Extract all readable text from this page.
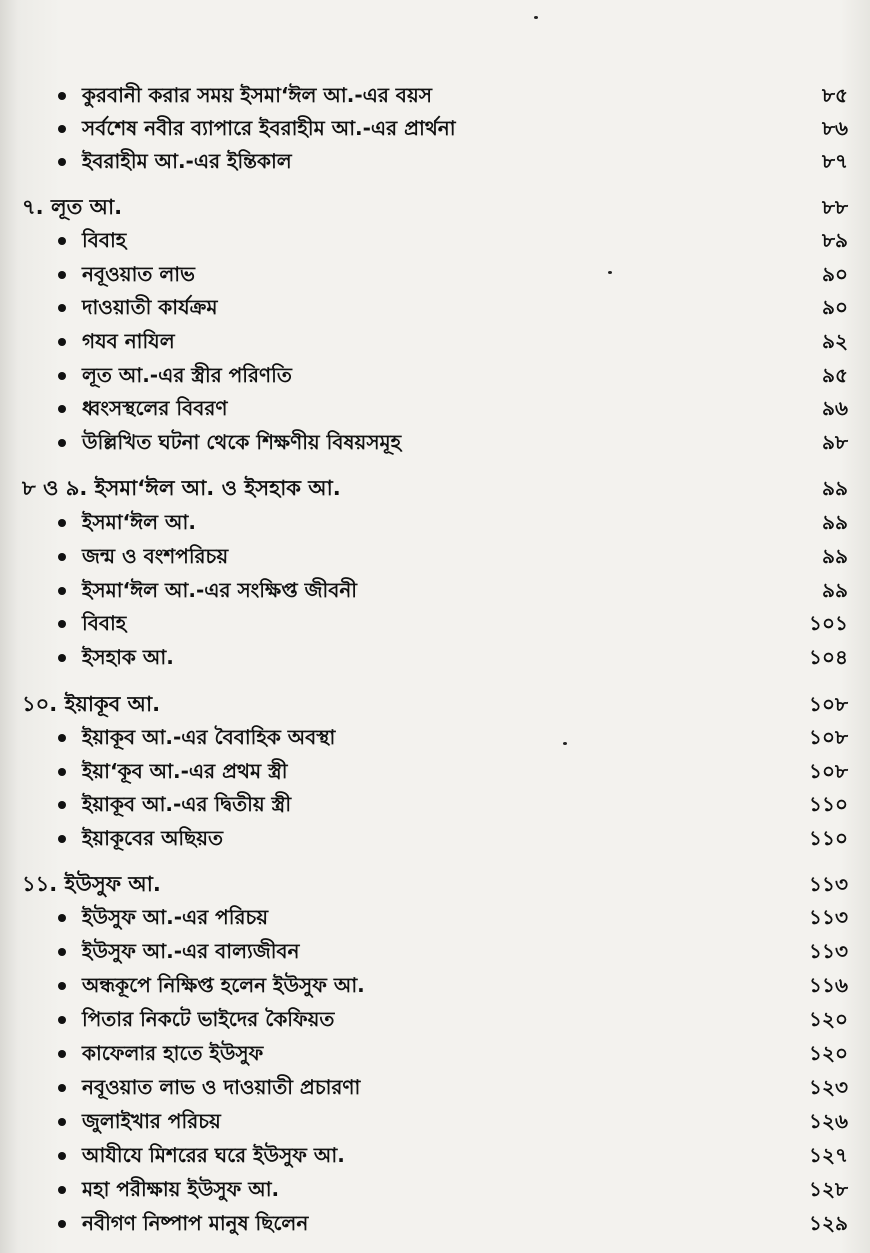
কুরবানী করার সময় ইসমা‘ঈল আ.-এর বয়স	৮৫
সর্বশেষ নবীর ব্যাপারে ইবরাহীম আ.-এর প্রার্থনা	৮৬
ইবরাহীম আ.-এর ইন্তিকাল	৮৭
৭. লূত আ.	৮৮
বিবাহ	৮৯
নবূওয়াত লাভ	৯০
দাওয়াতী কার্যক্রম	৯০
গযব নাযিল	৯২
লূত আ.-এর স্ত্রীর পরিণতি	৯৫
ধ্বংসস্থলের বিবরণ	৯৬
উল্লিখিত ঘটনা থেকে শিক্ষণীয় বিষয়সমূহ	৯৮
৮ ও ৯. ইসমা‘ঈল আ. ও ইসহাক আ.	৯৯
ইসমা‘ঈল আ.	৯৯
জন্ম ও বংশপরিচয়	৯৯
ইসমা‘ঈল আ.-এর সংক্ষিপ্ত জীবনী	৯৯
বিবাহ	১০১
ইসহাক আ.	১০৪
১০. ইয়াকূব আ.	১০৮
ইয়াকূব আ.-এর বৈবাহিক অবস্থা	১০৮
ইয়া‘কূব আ.-এর প্রথম স্ত্রী	১০৮
ইয়াকূব আ.-এর দ্বিতীয় স্ত্রী	১১০
ইয়াকূবের অছিয়ত	১১০
১১. ইউসুফ আ.	১১৩
ইউসুফ আ.-এর পরিচয়	১১৩
ইউসুফ আ.-এর বাল্যজীবন	১১৩
অন্ধকূপে নিক্ষিপ্ত হলেন ইউসুফ আ.	১১৬
পিতার নিকটে ভাইদের কৈফিয়ত	১২০
কাফেলার হাতে ইউসুফ	১২০
নবূওয়াত লাভ ও দাওয়াতী প্রচারণা	১২৩
জুলাইখার পরিচয়	১২৬
আযীযে মিশরের ঘরে ইউসুফ আ.	১২৭
মহা পরীক্ষায় ইউসুফ আ.	১২৮
নবীগণ নিষ্পাপ মানুষ ছিলেন	১২৯
